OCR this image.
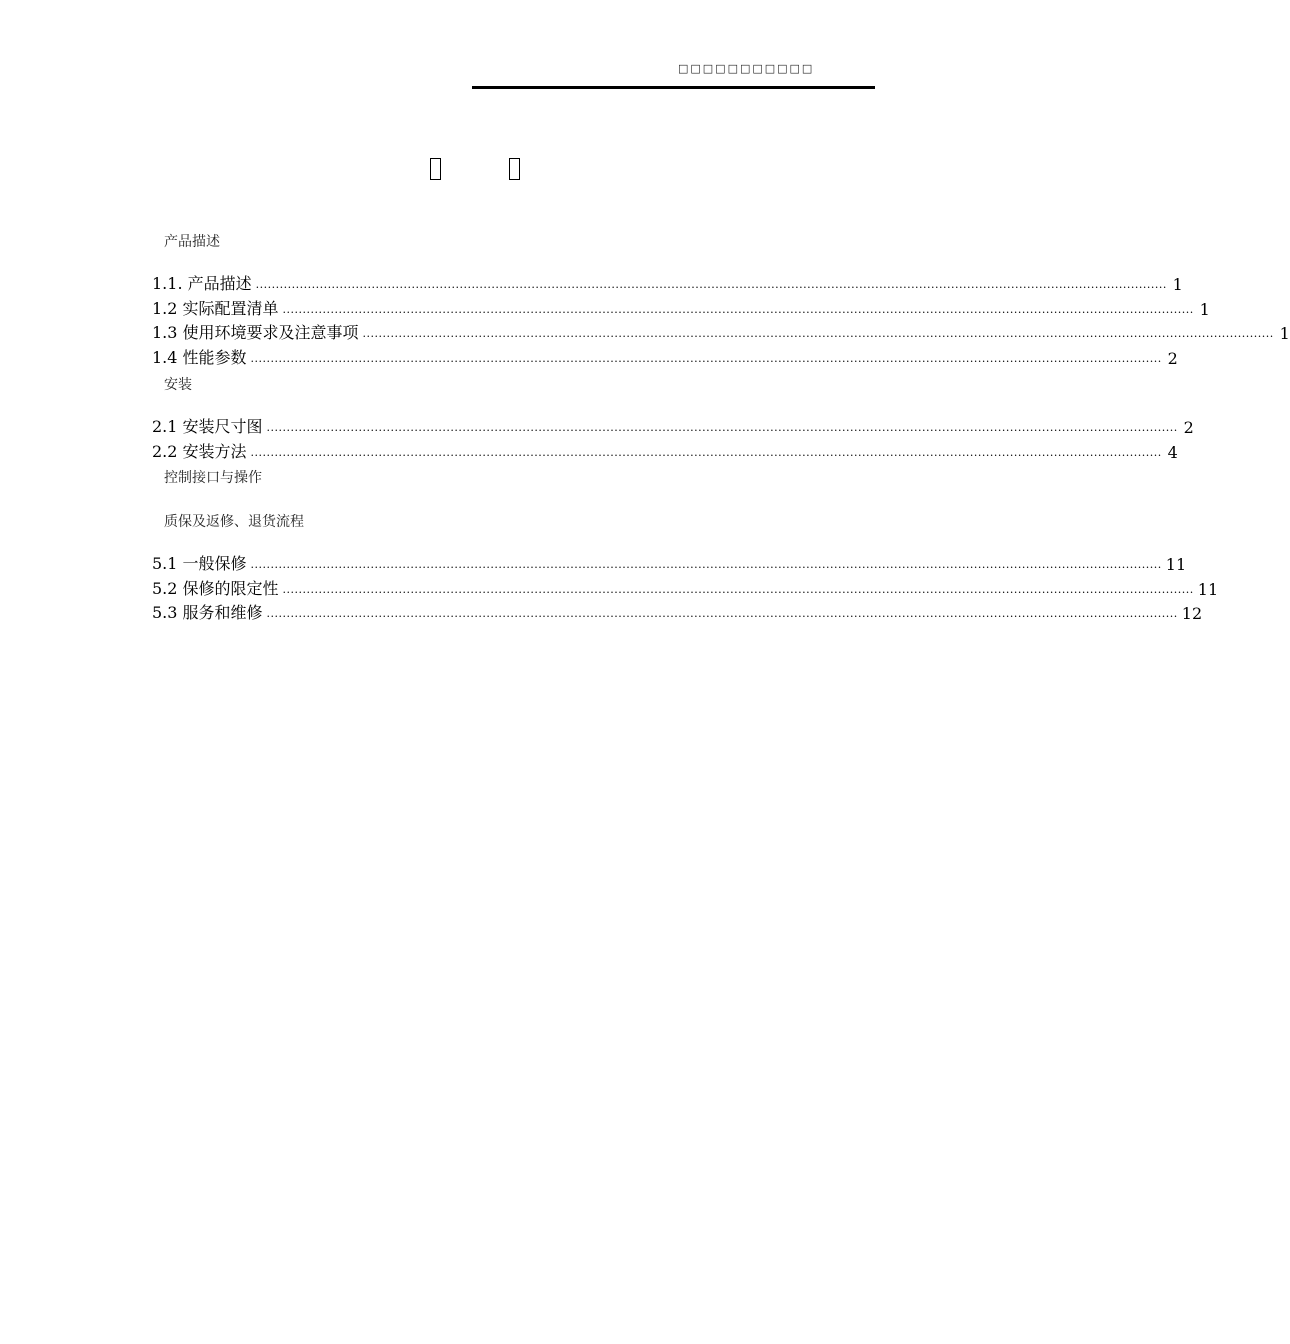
□□□□□□□□□□□
产品描述
1.1. 产品描述 .................................................................................................................................................................................................................................... 1
1.2 实际配置清单 .................................................................................................................................................................................................................................... 1
1.3 使用环境要求及注意事项 .................................................................................................................................................................................................................................... 1
1.4 性能参数 .................................................................................................................................................................................................................................... 2
安装
2.1 安装尺寸图 .................................................................................................................................................................................................................................... 2
2.2 安装方法 .................................................................................................................................................................................................................................... 4
控制接口与操作
质保及返修、退货流程
5.1 一般保修 .................................................................................................................................................................................................................................... 11
5.2 保修的限定性 .................................................................................................................................................................................................................................... 11
5.3 服务和维修 .................................................................................................................................................................................................................................... 12
